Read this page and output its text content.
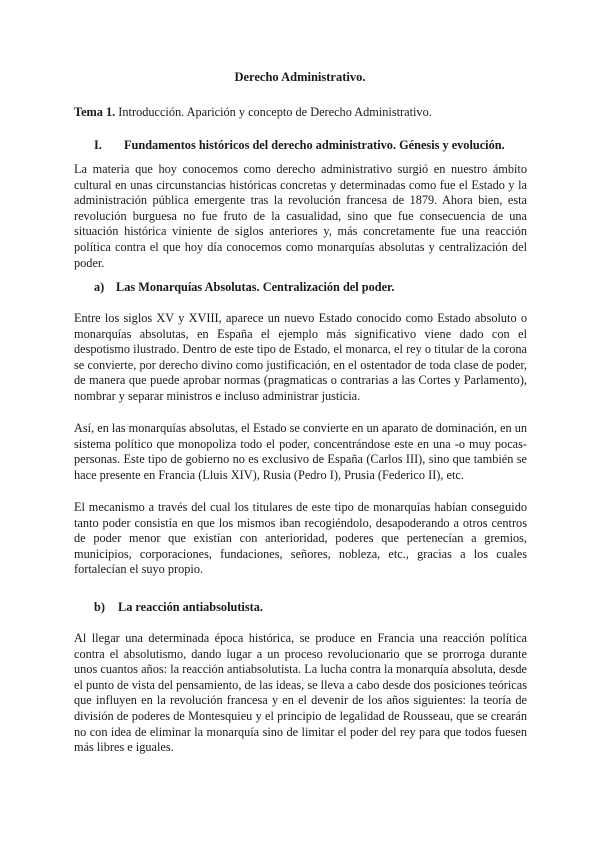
Derecho Administrativo.
Tema 1. Introducción. Aparición y concepto de Derecho Administrativo.
I. Fundamentos históricos del derecho administrativo. Génesis y evolución.

La materia que hoy conocemos como derecho administrativo surgió en nuestro ámbito cultural en unas circunstancias históricas concretas y determinadas como fue el Estado y la administración pública emergente tras la revolución francesa de 1879. Ahora bien, esta revolución burguesa no fue fruto de la casualidad, sino que fue consecuencia de una situación histórica viniente de siglos anteriores y, más concretamente fue una reacción política contra el que hoy día conocemos como monarquías absolutas y centralización del poder.

a) Las Monarquías Absolutas. Centralización del poder.

Entre los siglos XV y XVIII, aparece un nuevo Estado conocido como Estado absoluto o monarquías absolutas, en España el ejemplo más significativo viene dado con el despotismo ilustrado. Dentro de este tipo de Estado, el monarca, el rey o titular de la corona se convierte, por derecho divino como justificación, en el ostentador de toda clase de poder, de manera que puede aprobar normas (pragmaticas o contrarias a las Cortes y Parlamento), nombrar y separar ministros e incluso administrar justicia.

Así, en las monarquías absolutas, el Estado se convierte en un aparato de dominación, en un sistema político que monopoliza todo el poder, concentrándose este en una -o muy pocas-personas. Este tipo de gobierno no es exclusivo de España (Carlos III), sino que también se hace presente en Francia (Lluis XIV), Rusia (Pedro I), Prusia (Federico II), etc.

El mecanismo a través del cual los titulares de este tipo de monarquías habían conseguido tanto poder consistía en que los mismos iban recogiéndolo, desapoderando a otros centros de poder menor que existían con anterioridad, poderes que pertenecían a gremios, municipios, corporaciones, fundaciones, señores, nobleza, etc., gracias a los cuales fortalecían el suyo propio.

b) La reacción antiabsolutista.

Al llegar una determinada época histórica, se produce en Francia una reacción política contra el absolutismo, dando lugar a un proceso revolucionario que se prorroga durante unos cuantos años: la reacción antiabsolutista. La lucha contra la monarquía absoluta, desde el punto de vista del pensamiento, de las ideas, se lleva a cabo desde dos posiciones teóricas que influyen en la revolución francesa y en el devenir de los años siguientes: la teoría de división de poderes de Montesquieu y el principio de legalidad de Rousseau, que se crearán no con idea de eliminar la monarquía sino de limitar el poder del rey para que todos fuesen más libres e iguales.
